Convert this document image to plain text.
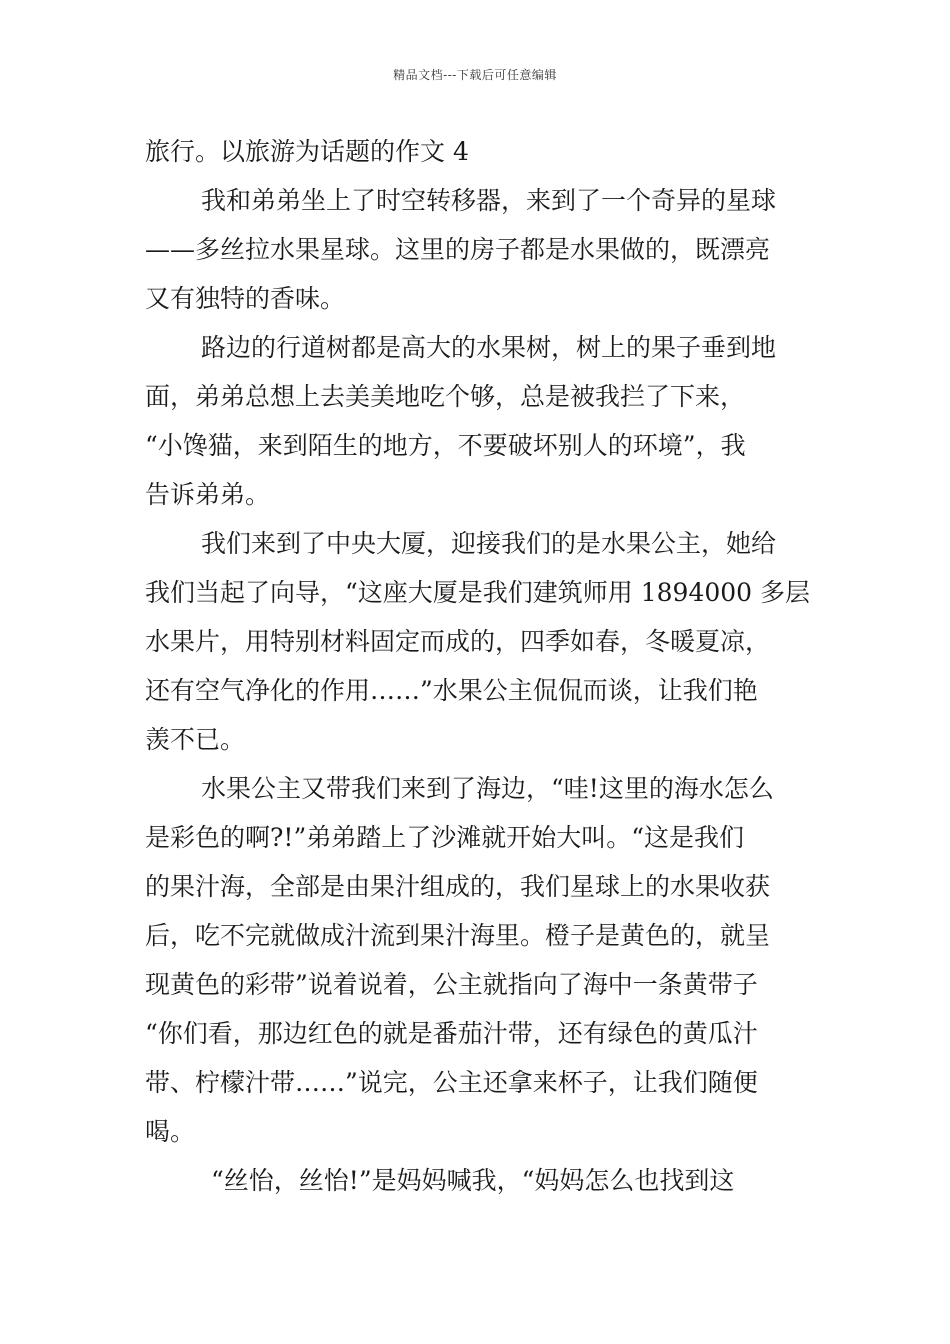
精品文档---下载后可任意编辑
旅行。以旅游为话题的作文 4
我和弟弟坐上了时空转移器，来到了一个奇异的星球
——多丝拉水果星球。这里的房子都是水果做的，既漂亮
又有独特的香味。
路边的行道树都是高大的水果树，树上的果子垂到地
面，弟弟总想上去美美地吃个够，总是被我拦了下来，
“小馋猫，来到陌生的地方，不要破坏别人的环境”，我
告诉弟弟。
我们来到了中央大厦，迎接我们的是水果公主，她给
我们当起了向导，“这座大厦是我们建筑师用 1894000 多层
水果片，用特别材料固定而成的，四季如春，冬暖夏凉，
还有空气净化的作用……”水果公主侃侃而谈，让我们艳
羡不已。
水果公主又带我们来到了海边，“哇!这里的海水怎么
是彩色的啊?!”弟弟踏上了沙滩就开始大叫。“这是我们
的果汁海，全部是由果汁组成的，我们星球上的水果收获
后，吃不完就做成汁流到果汁海里。橙子是黄色的，就呈
现黄色的彩带”说着说着，公主就指向了海中一条黄带子
“你们看，那边红色的就是番茄汁带，还有绿色的黄瓜汁
带、柠檬汁带……”说完，公主还拿来杯子，让我们随便
喝。
“丝怡，丝怡!”是妈妈喊我，“妈妈怎么也找到这
